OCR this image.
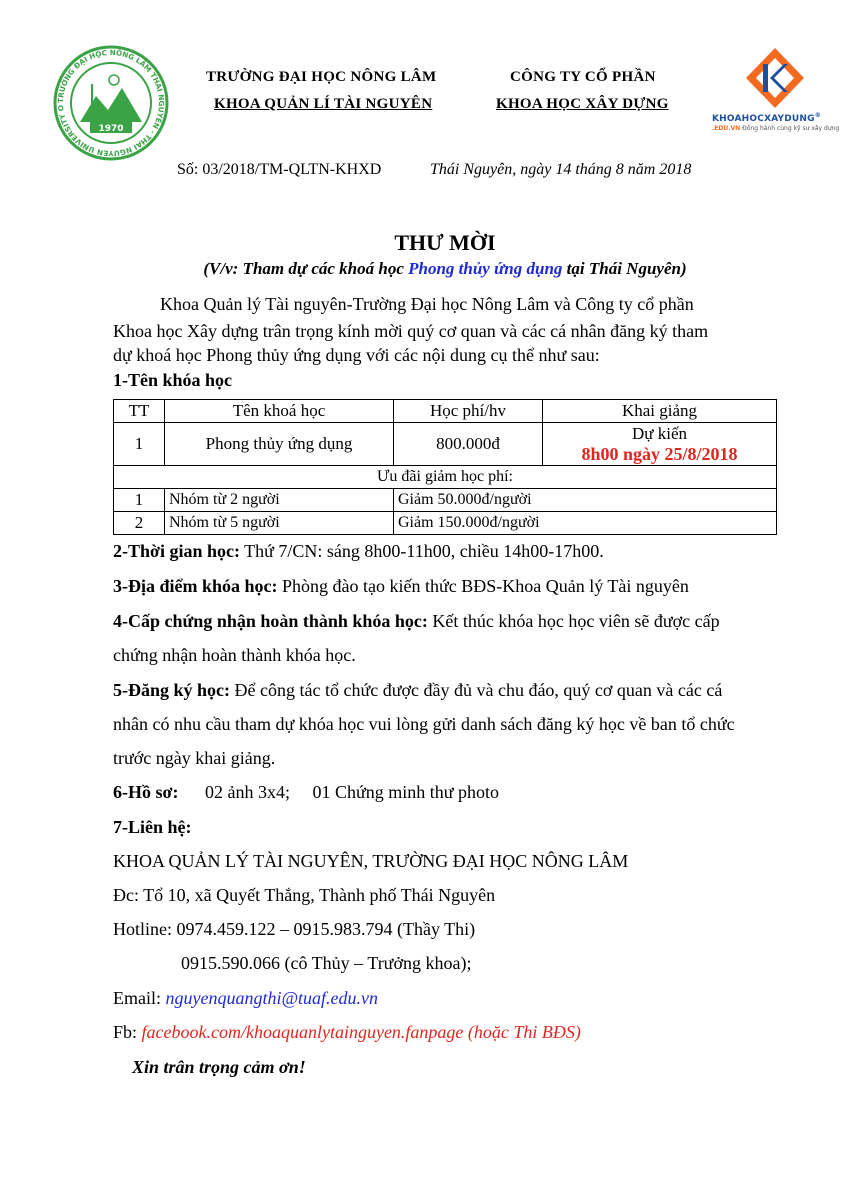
TRƯỜNG ĐẠI HỌC NÔNG LÂM THÁI NGUYÊN · THAI NGUYEN UNIVERSITY O
1970
TRƯỜNG ĐẠI HỌC NÔNG LÂM
KHOA QUẢN LÍ TÀI NGUYÊN
CÔNG TY CỔ PHẦN
KHOA HỌC XÂY DỰNG
KHOAHOCXAYDUNG®
.EDU.VN Đồng hành cùng kỹ sư xây dựng
Số: 03/2018/TM-QLTN-KHXD	Thái Nguyên, ngày 14 tháng 8 năm 2018
THƯ MỜI
(V/v: Tham dự các khoá học Phong thủy ứng dụng tại Thái Nguyên)
Khoa Quản lý Tài nguyên-Trường Đại học Nông Lâm và Công ty cổ phần
Khoa học Xây dựng trân trọng kính mời quý cơ quan và các cá nhân đăng ký tham
dự khoá học Phong thủy ứng dụng với các nội dung cụ thể như sau:
1-Tên khóa học
TT	Tên khoá học	Học phí/hv	Khai giảng
1	Phong thủy ứng dụng	800.000đ	Dự kiến
8h00 ngày 25/8/2018

Ưu đãi giảm học phí:			
1	Nhóm từ 2 người	Giảm 50.000đ/người	
2	Nhóm từ 5 người	Giảm 150.000đ/người	
2-Thời gian học: Thứ 7/CN: sáng 8h00-11h00, chiều 14h00-17h00.
3-Địa điểm khóa học: Phòng đào tạo kiến thức BĐS-Khoa Quản lý Tài nguyên
4-Cấp chứng nhận hoàn thành khóa học: Kết thúc khóa học học viên sẽ được cấp
chứng nhận hoàn thành khóa học.
5-Đăng ký học: Để công tác tổ chức được đầy đủ và chu đáo, quý cơ quan và các cá
nhân có nhu cầu tham dự khóa học vui lòng gửi danh sách đăng ký học về ban tổ chức
trước ngày khai giảng.
6-Hồ sơ: 02 ảnh 3x4; 01 Chứng minh thư photo
7-Liên hệ:
KHOA QUẢN LÝ TÀI NGUYÊN, TRƯỜNG ĐẠI HỌC NÔNG LÂM
Đc: Tổ 10, xã Quyết Thắng, Thành phố Thái Nguyên
Hotline: 0974.459.122 – 0915.983.794 (Thầy Thi)
0915.590.066 (cô Thủy – Trưởng khoa);
Email: nguyenquangthi@tuaf.edu.vn
Fb: facebook.com/khoaquanlytainguyen.fanpage (hoặc Thi BĐS)
Xin trân trọng cảm ơn!
